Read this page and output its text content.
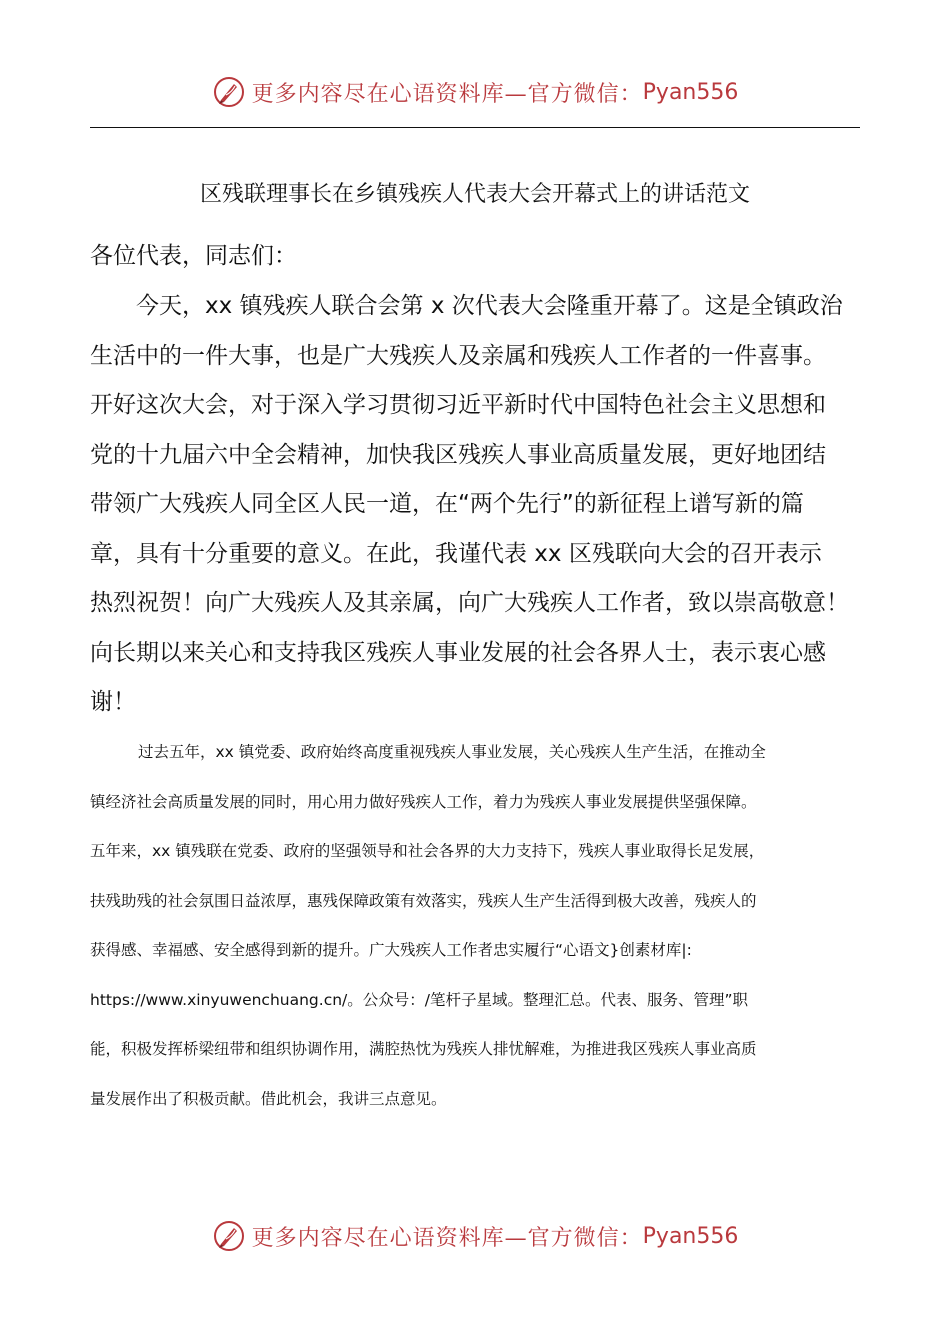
更多内容尽在心语资料库—官方微信： Pyan556
区残联理事长在乡镇残疾人代表大会开幕式上的讲话范文
各位代表，同志们：

今天，xx 镇残疾人联合会第 x 次代表大会隆重开幕了。这是全镇政治
生活中的一件大事，也是广大残疾人及亲属和残疾人工作者的一件喜事。
开好这次大会，对于深入学习贯彻习近平新时代中国特色社会主义思想和
党的十九届六中全会精神，加快我区残疾人事业高质量发展，更好地团结
带领广大残疾人同全区人民一道，在“两个先行”的新征程上谱写新的篇
章，具有十分重要的意义。在此，我谨代表 xx 区残联向大会的召开表示
热烈祝贺！向广大残疾人及其亲属，向广大残疾人工作者，致以崇高敬意！
向长期以来关心和支持我区残疾人事业发展的社会各界人士，表示衷心感
谢！

过去五年，xx 镇党委、政府始终高度重视残疾人事业发展，关心残疾人生产生活，在推动全
镇经济社会高质量发展的同时，用心用力做好残疾人工作，着力为残疾人事业发展提供坚强保障。
五年来，xx 镇残联在党委、政府的坚强领导和社会各界的大力支持下，残疾人事业取得长足发展，
扶残助残的社会氛围日益浓厚，惠残保障政策有效落实，残疾人生产生活得到极大改善，残疾人的
获得感、幸福感、安全感得到新的提升。广大残疾人工作者忠实履行“心语文}创素材库|:
https://www.xinyuwenchuang.cn/。公众号：/笔杆子星域。整理汇总。代表、服务、管理”职
能，积极发挥桥梁纽带和组织协调作用，满腔热忱为残疾人排忧解难，为推进我区残疾人事业高质
量发展作出了积极贡献。借此机会，我讲三点意见。

更多内容尽在心语资料库—官方微信： Pyan556
